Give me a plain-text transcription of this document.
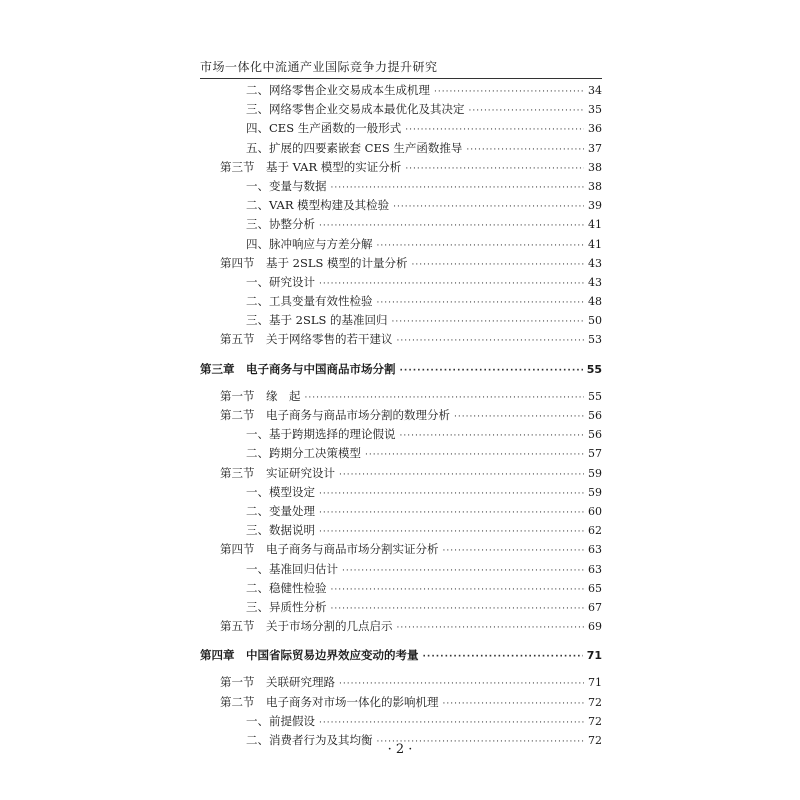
市场一体化中流通产业国际竞争力提升研究
二、网络零售企业交易成本生成机理 ·····	34
三、网络零售企业交易成本最优化及其决定 ·····	35
四、CES 生产函数的一般形式 ·····	36
五、扩展的四要素嵌套 CES 生产函数推导 ·····	37
第三节　基于 VAR 模型的实证分析 ·····	38
一、变量与数据 ·····	38
二、VAR 模型构建及其检验 ·····	39
三、协整分析 ·····	41
四、脉冲响应与方差分解 ·····	41
第四节　基于 2SLS 模型的计量分析 ·····	43
一、研究设计 ·····	43
二、工具变量有效性检验 ·····	48
三、基于 2SLS 的基准回归 ·····	50
第五节　关于网络零售的若干建议 ·····	53
第三章　电子商务与中国商品市场分割 ·····	55
第一节　缘　起 ·····	55
第二节　电子商务与商品市场分割的数理分析 ·····	56
一、基于跨期选择的理论假说 ·····	56
二、跨期分工决策模型 ·····	57
第三节　实证研究设计 ·····	59
一、模型设定 ·····	59
二、变量处理 ·····	60
三、数据说明 ·····	62
第四节　电子商务与商品市场分割实证分析 ·····	63
一、基准回归估计 ·····	63
二、稳健性检验 ·····	65
三、异质性分析 ·····	67
第五节　关于市场分割的几点启示 ·····	69
第四章　中国省际贸易边界效应变动的考量 ·····	71
第一节　关联研究理路 ·····	71
第二节　电子商务对市场一体化的影响机理 ·····	72
一、前提假设 ·····	72
二、消费者行为及其均衡 ·····	72
· 2 ·
